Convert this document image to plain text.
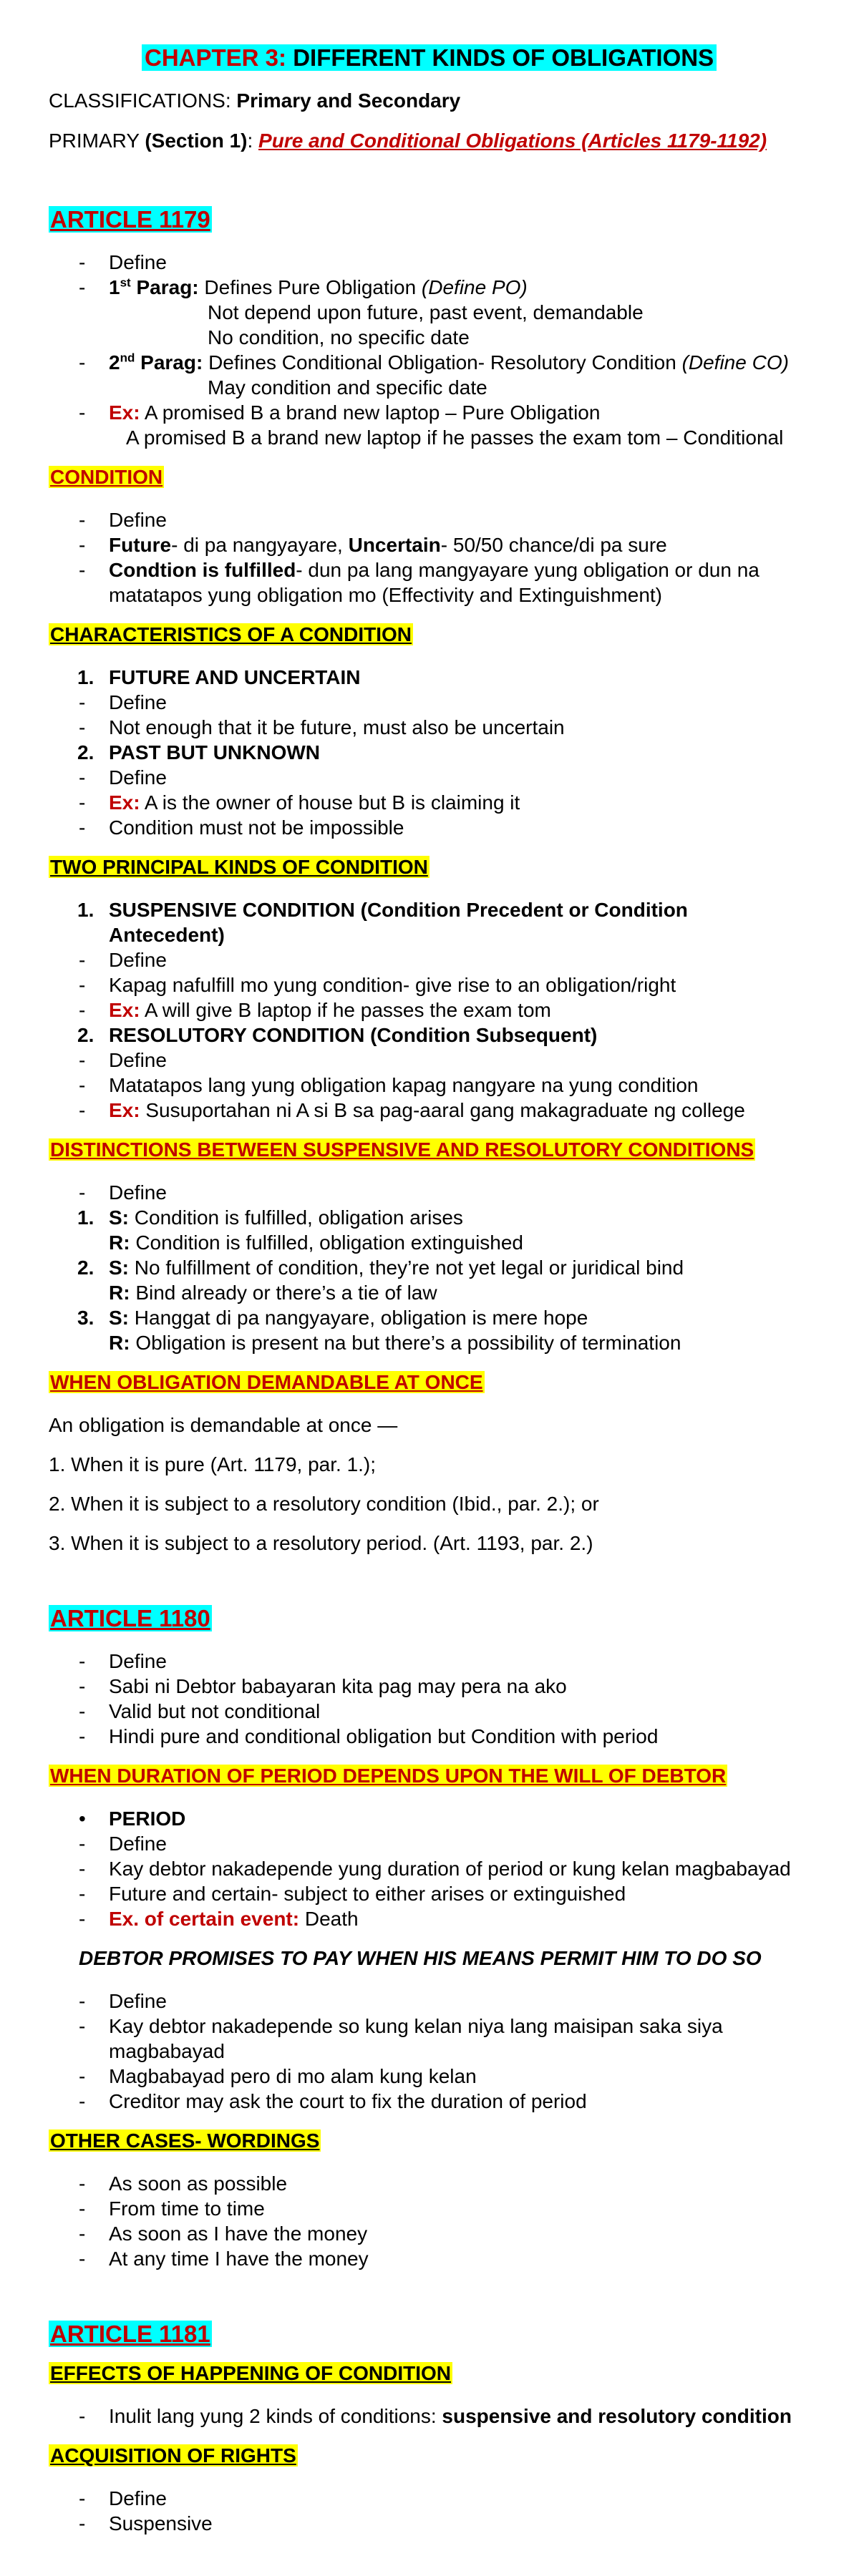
CHAPTER 3: DIFFERENT KINDS OF OBLIGATIONS
CLASSIFICATIONS: Primary and Secondary
PRIMARY (Section 1): Pure and Conditional Obligations (Articles 1179-1192)
ARTICLE 1179
- Define
- 1st Parag: Defines Pure Obligation (Define PO)
Not depend upon future, past event, demandable
No condition, no specific date
- 2nd Parag: Defines Conditional Obligation- Resolutory Condition (Define CO)
May condition and specific date
- Ex: A promised B a brand new laptop – Pure Obligation
A promised B a brand new laptop if he passes the exam tom – Conditional
CONDITION
- Define
- Future- di pa nangyayare, Uncertain- 50/50 chance/di pa sure
- Condtion is fulfilled- dun pa lang mangyayare yung obligation or dun na
matatapos yung obligation mo (Effectivity and Extinguishment)
CHARACTERISTICS OF A CONDITION
1. FUTURE AND UNCERTAIN
- Define
- Not enough that it be future, must also be uncertain
2. PAST BUT UNKNOWN
- Define
- Ex: A is the owner of house but B is claiming it
- Condition must not be impossible
TWO PRINCIPAL KINDS OF CONDITION
1. SUSPENSIVE CONDITION (Condition Precedent or Condition
Antecedent)
- Define
- Kapag nafulfill mo yung condition- give rise to an obligation/right
- Ex: A will give B laptop if he passes the exam tom
2. RESOLUTORY CONDITION (Condition Subsequent)
- Define
- Matatapos lang yung obligation kapag nangyare na yung condition
- Ex: Susuportahan ni A si B sa pag-aaral gang makagraduate ng college
DISTINCTIONS BETWEEN SUSPENSIVE AND RESOLUTORY CONDITIONS
- Define
1. S: Condition is fulfilled, obligation arises
R: Condition is fulfilled, obligation extinguished
2. S: No fulfillment of condition, they’re not yet legal or juridical bind
R: Bind already or there’s a tie of law
3. S: Hanggat di pa nangyayare, obligation is mere hope
R: Obligation is present na but there’s a possibility of termination
WHEN OBLIGATION DEMANDABLE AT ONCE
An obligation is demandable at once —
1. When it is pure (Art. 1179, par. 1.);
2. When it is subject to a resolutory condition (Ibid., par. 2.); or
3. When it is subject to a resolutory period. (Art. 1193, par. 2.)
ARTICLE 1180
- Define
- Sabi ni Debtor babayaran kita pag may pera na ako
- Valid but not conditional
- Hindi pure and conditional obligation but Condition with period
WHEN DURATION OF PERIOD DEPENDS UPON THE WILL OF DEBTOR
• PERIOD
- Define
- Kay debtor nakadepende yung duration of period or kung kelan magbabayad
- Future and certain- subject to either arises or extinguished
- Ex. of certain event: Death
DEBTOR PROMISES TO PAY WHEN HIS MEANS PERMIT HIM TO DO SO
- Define
- Kay debtor nakadepende so kung kelan niya lang maisipan saka siya
magbabayad
- Magbabayad pero di mo alam kung kelan
- Creditor may ask the court to fix the duration of period
OTHER CASES- WORDINGS
- As soon as possible
- From time to time
- As soon as I have the money
- At any time I have the money
ARTICLE 1181
EFFECTS OF HAPPENING OF CONDITION
- Inulit lang yung 2 kinds of conditions: suspensive and resolutory condition
ACQUISITION OF RIGHTS
- Define
- Suspensive
